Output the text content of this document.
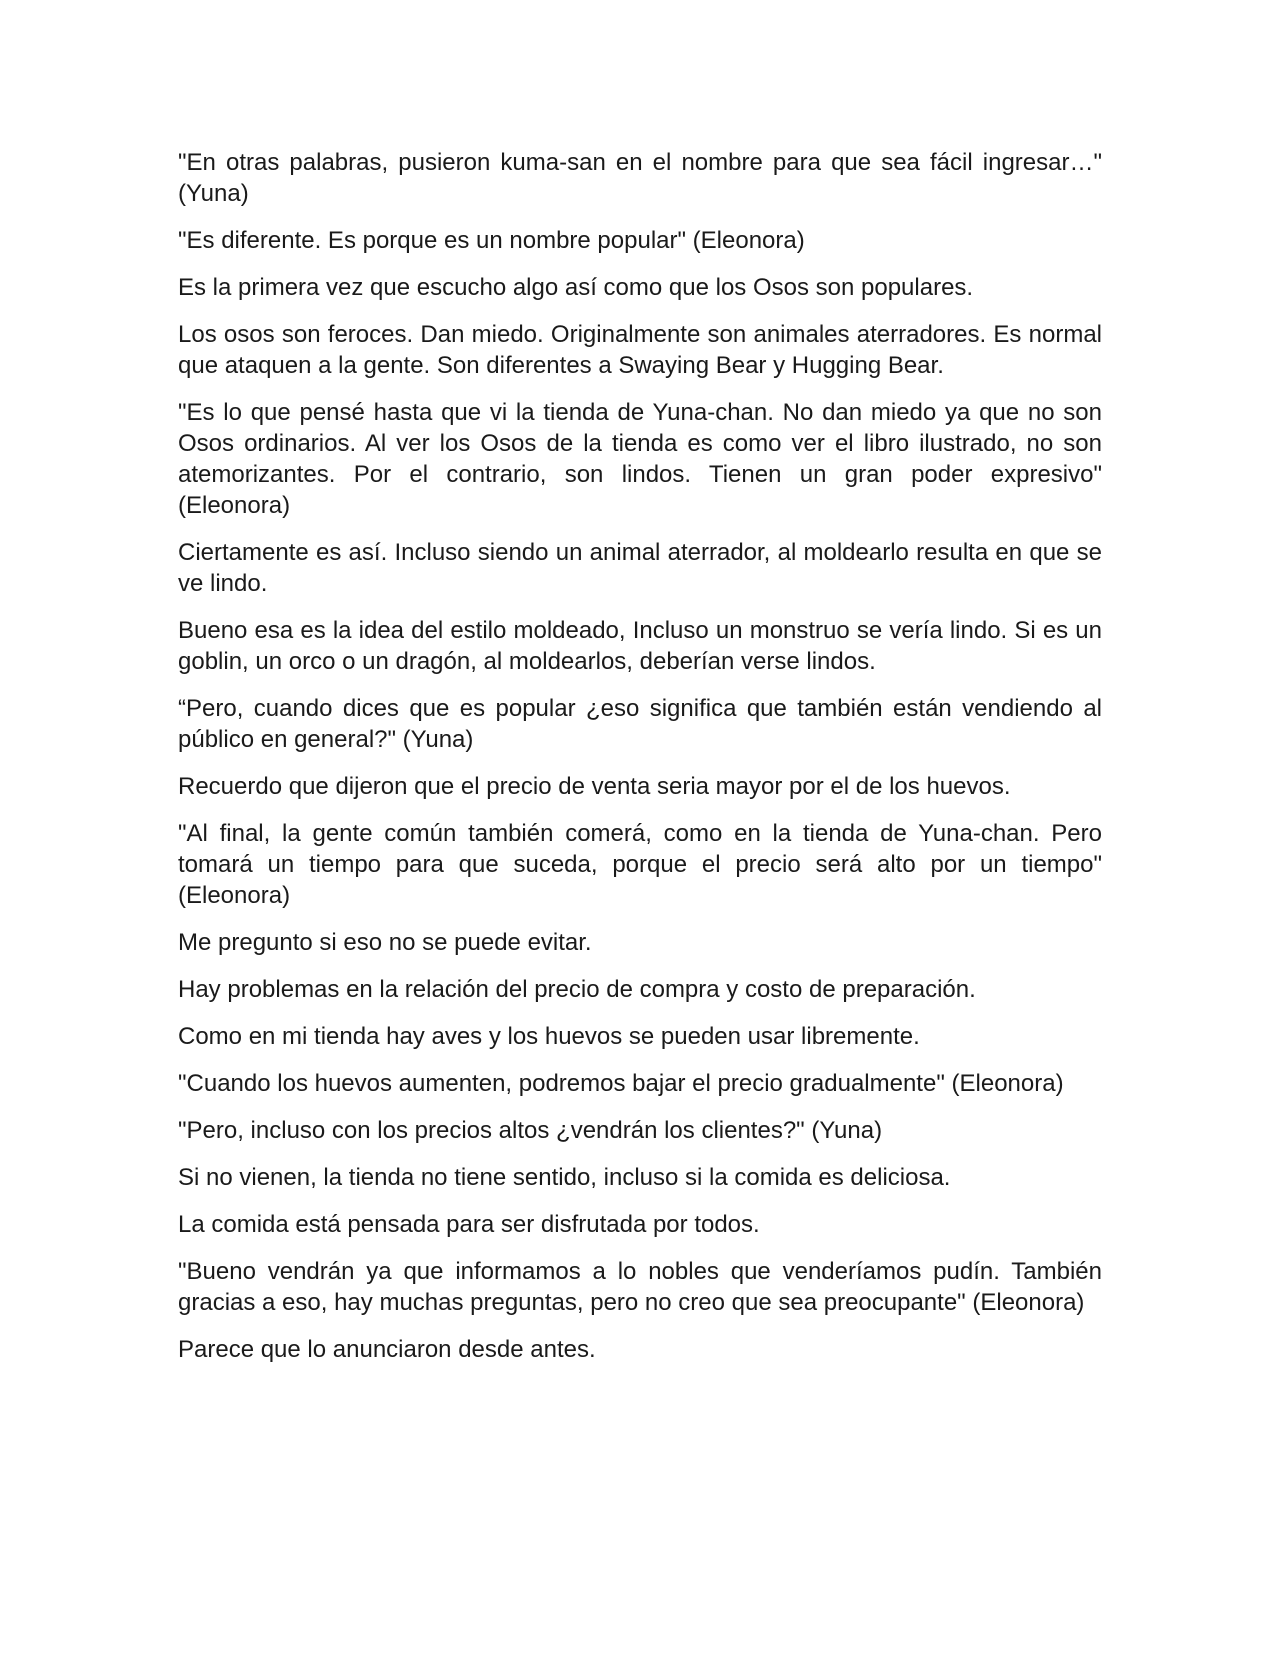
"En otras palabras, pusieron kuma-san en el nombre para que sea fácil ingresar…" (Yuna)

"Es diferente. Es porque es un nombre popular" (Eleonora)

Es la primera vez que escucho algo así como que los Osos son populares.

Los osos son feroces. Dan miedo. Originalmente son animales aterradores. Es normal que ataquen a la gente. Son diferentes a Swaying Bear y Hugging Bear.

"Es lo que pensé hasta que vi la tienda de Yuna-chan. No dan miedo ya que no son Osos ordinarios. Al ver los Osos de la tienda es como ver el libro ilustrado, no son atemorizantes. Por el contrario, son lindos. Tienen un gran poder expresivo" (Eleonora)

Ciertamente es así. Incluso siendo un animal aterrador, al moldearlo resulta en que se ve lindo.

Bueno esa es la idea del estilo moldeado, Incluso un monstruo se vería lindo. Si es un goblin, un orco o un dragón, al moldearlos, deberían verse lindos.

“Pero, cuando dices que es popular ¿eso significa que también están vendiendo al público en general?" (Yuna)

Recuerdo que dijeron que el precio de venta seria mayor por el de los huevos.

"Al final, la gente común también comerá, como en la tienda de Yuna-chan. Pero tomará un tiempo para que suceda, porque el precio será alto por un tiempo" (Eleonora)

Me pregunto si eso no se puede evitar.

Hay problemas en la relación del precio de compra y costo de preparación.

Como en mi tienda hay aves y los huevos se pueden usar libremente.

"Cuando los huevos aumenten, podremos bajar el precio gradualmente" (Eleonora)

"Pero, incluso con los precios altos ¿vendrán los clientes?" (Yuna)

Si no vienen, la tienda no tiene sentido, incluso si la comida es deliciosa.

La comida está pensada para ser disfrutada por todos.

"Bueno vendrán ya que informamos a lo nobles que venderíamos pudín. También gracias a eso, hay muchas preguntas, pero no creo que sea preocupante" (Eleonora)

Parece que lo anunciaron desde antes.
